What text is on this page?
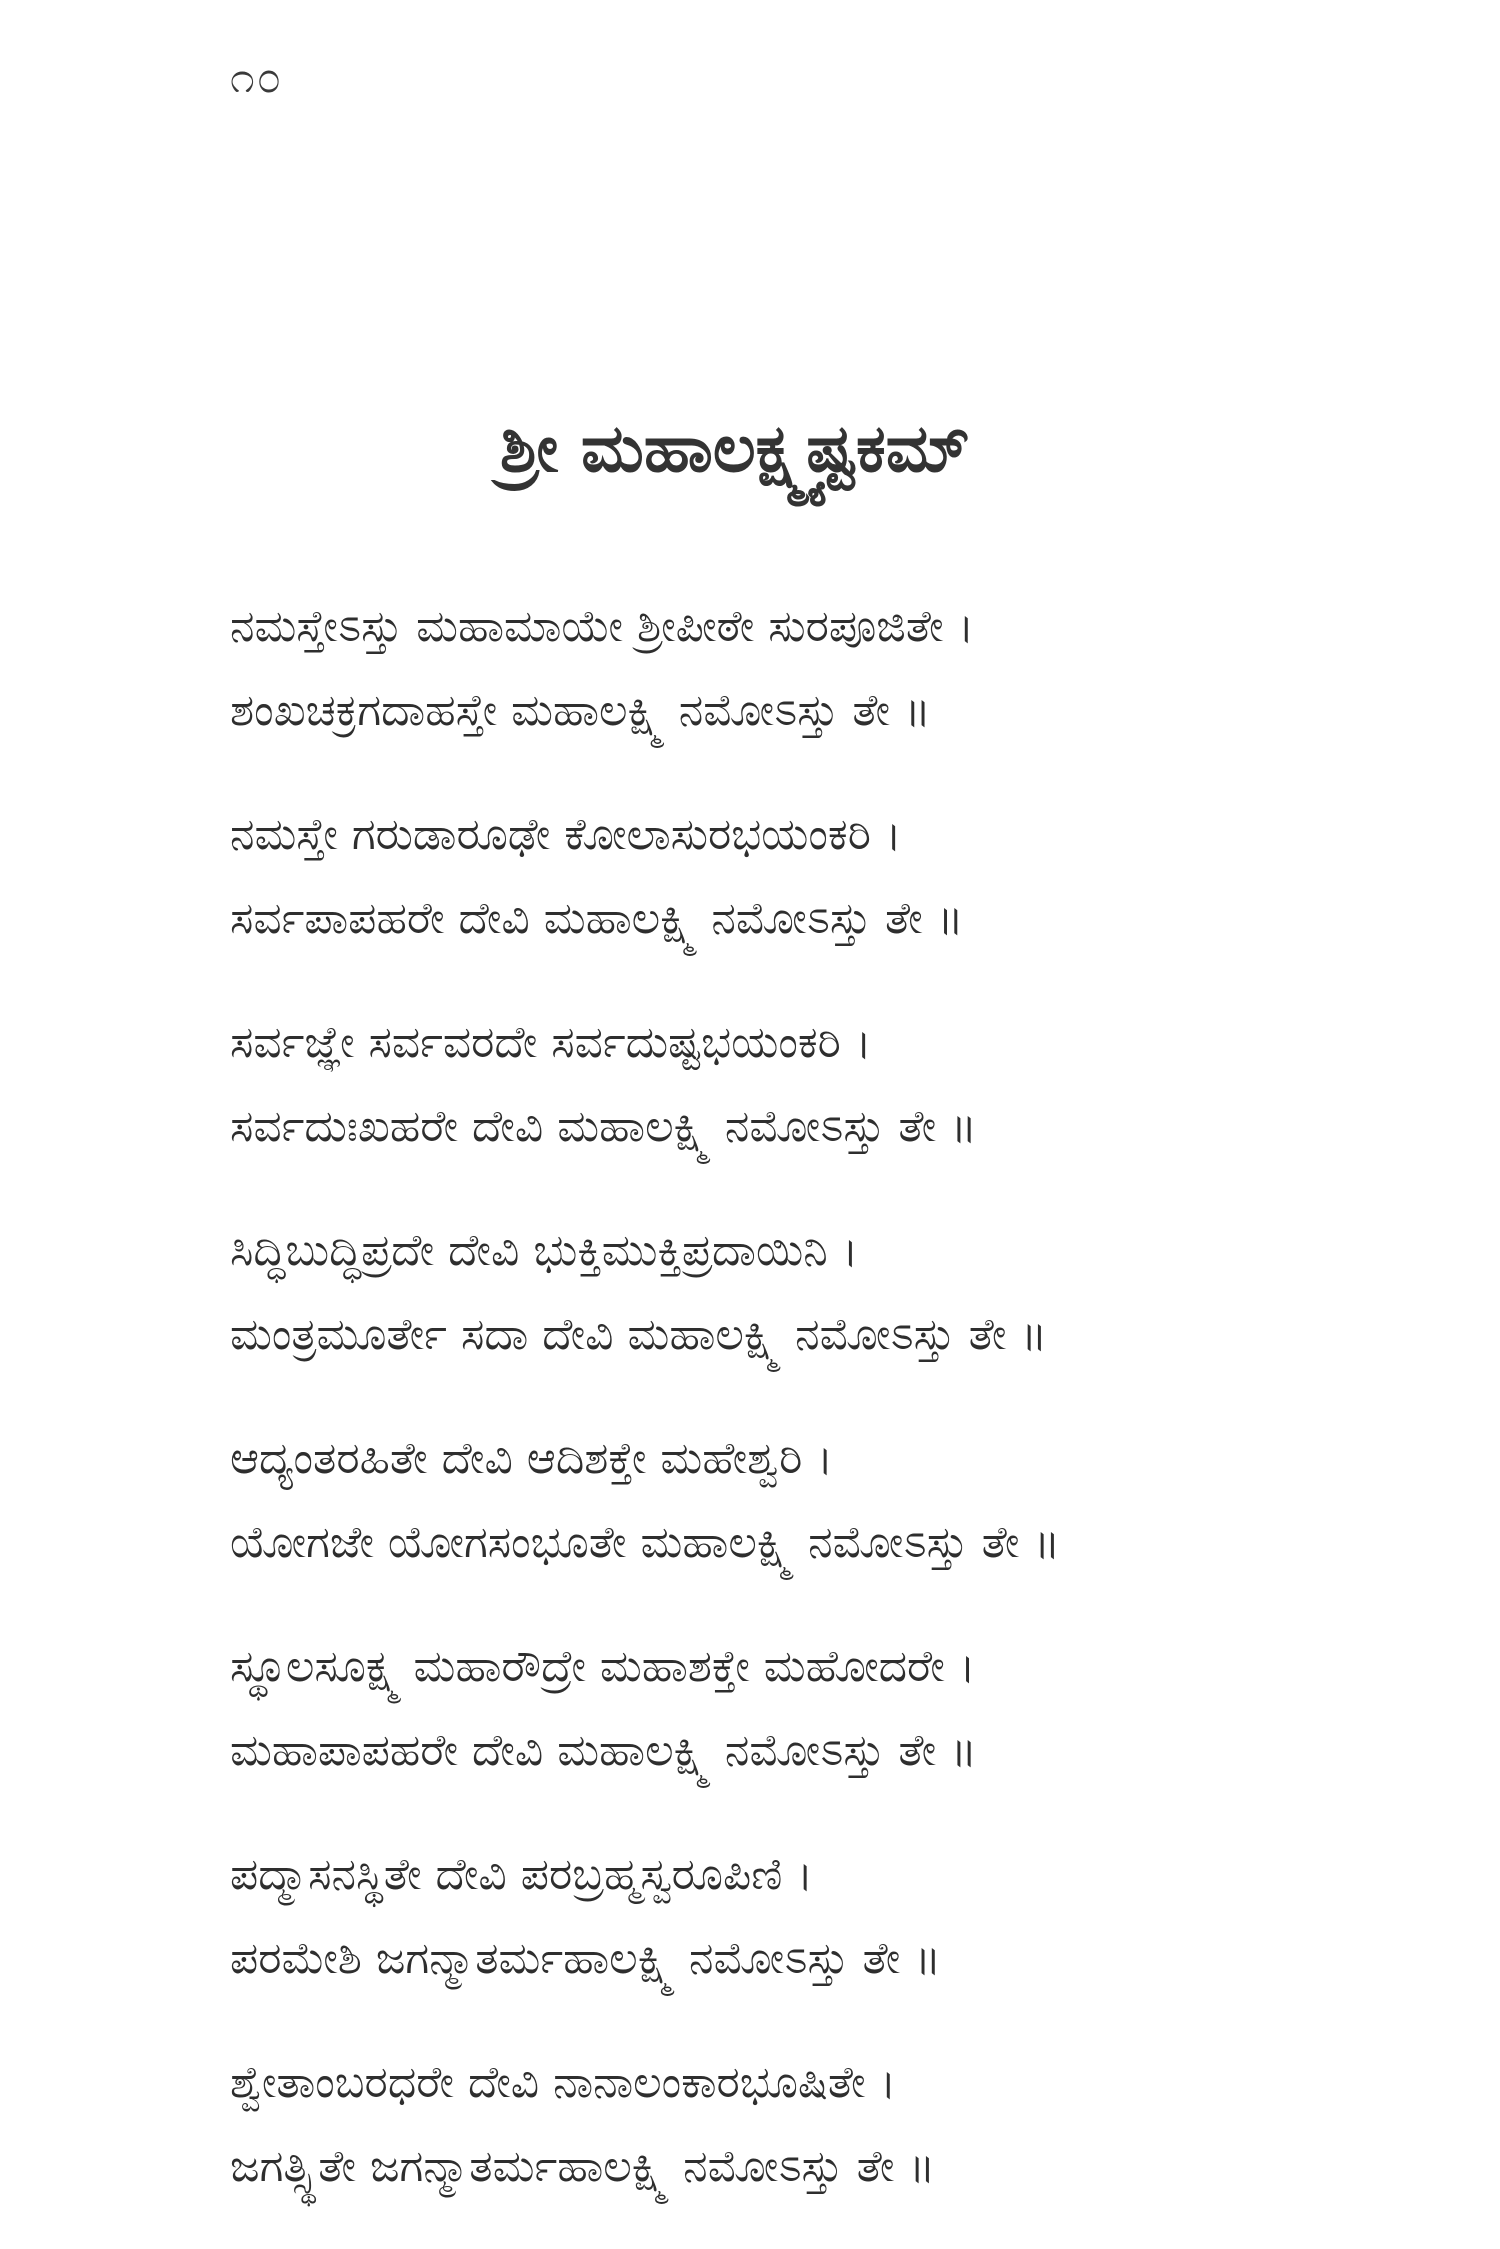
೧೦
ಶ್ರೀ ಮಹಾಲಕ್ಷ್ಮ್ಯಷ್ಟಕಮ್
ನಮಸ್ತೇಽಸ್ತು ಮಹಾಮಾಯೇ ಶ್ರೀಪೀಠೇ ಸುರಪೂಜಿತೇ ।
ಶಂಖಚಕ್ರಗದಾಹಸ್ತೇ ಮಹಾಲಕ್ಷ್ಮಿ ನಮೋಽಸ್ತು ತೇ ॥
ನಮಸ್ತೇ ಗರುಡಾರೂಢೇ ಕೋಲಾಸುರಭಯಂಕರಿ ।
ಸರ್ವಪಾಪಹರೇ ದೇವಿ ಮಹಾಲಕ್ಷ್ಮಿ ನಮೋಽಸ್ತು ತೇ ॥
ಸರ್ವಜ್ಞೇ ಸರ್ವವರದೇ ಸರ್ವದುಷ್ಟಭಯಂಕರಿ ।
ಸರ್ವದುಃಖಹರೇ ದೇವಿ ಮಹಾಲಕ್ಷ್ಮಿ ನಮೋಽಸ್ತು ತೇ ॥
ಸಿದ್ಧಿಬುದ್ಧಿಪ್ರದೇ ದೇವಿ ಭುಕ್ತಿಮುಕ್ತಿಪ್ರದಾಯಿನಿ ।
ಮಂತ್ರಮೂರ್ತೇ ಸದಾ ದೇವಿ ಮಹಾಲಕ್ಷ್ಮಿ ನಮೋಽಸ್ತು ತೇ ॥
ಆದ್ಯಂತರಹಿತೇ ದೇವಿ ಆದಿಶಕ್ತೇ ಮಹೇಶ್ವರಿ ।
ಯೋಗಜೇ ಯೋಗಸಂಭೂತೇ ಮಹಾಲಕ್ಷ್ಮಿ ನಮೋಽಸ್ತು ತೇ ॥
ಸ್ಥೂಲಸೂಕ್ಷ್ಮ ಮಹಾರೌದ್ರೇ ಮಹಾಶಕ್ತೇ ಮಹೋದರೇ ।
ಮಹಾಪಾಪಹರೇ ದೇವಿ ಮಹಾಲಕ್ಷ್ಮಿ ನಮೋಽಸ್ತು ತೇ ॥
ಪದ್ಮಾಸನಸ್ಥಿತೇ ದೇವಿ ಪರಬ್ರಹ್ಮಸ್ವರೂಪಿಣಿ ।
ಪರಮೇಶಿ ಜಗನ್ಮಾತರ್ಮಹಾಲಕ್ಷ್ಮಿ ನಮೋಽಸ್ತು ತೇ ॥
ಶ್ವೇತಾಂಬರಧರೇ ದೇವಿ ನಾನಾಲಂಕಾರಭೂಷಿತೇ ।
ಜಗತ್ಸ್ಥಿತೇ ಜಗನ್ಮಾತರ್ಮಹಾಲಕ್ಷ್ಮಿ ನಮೋಽಸ್ತು ತೇ ॥
